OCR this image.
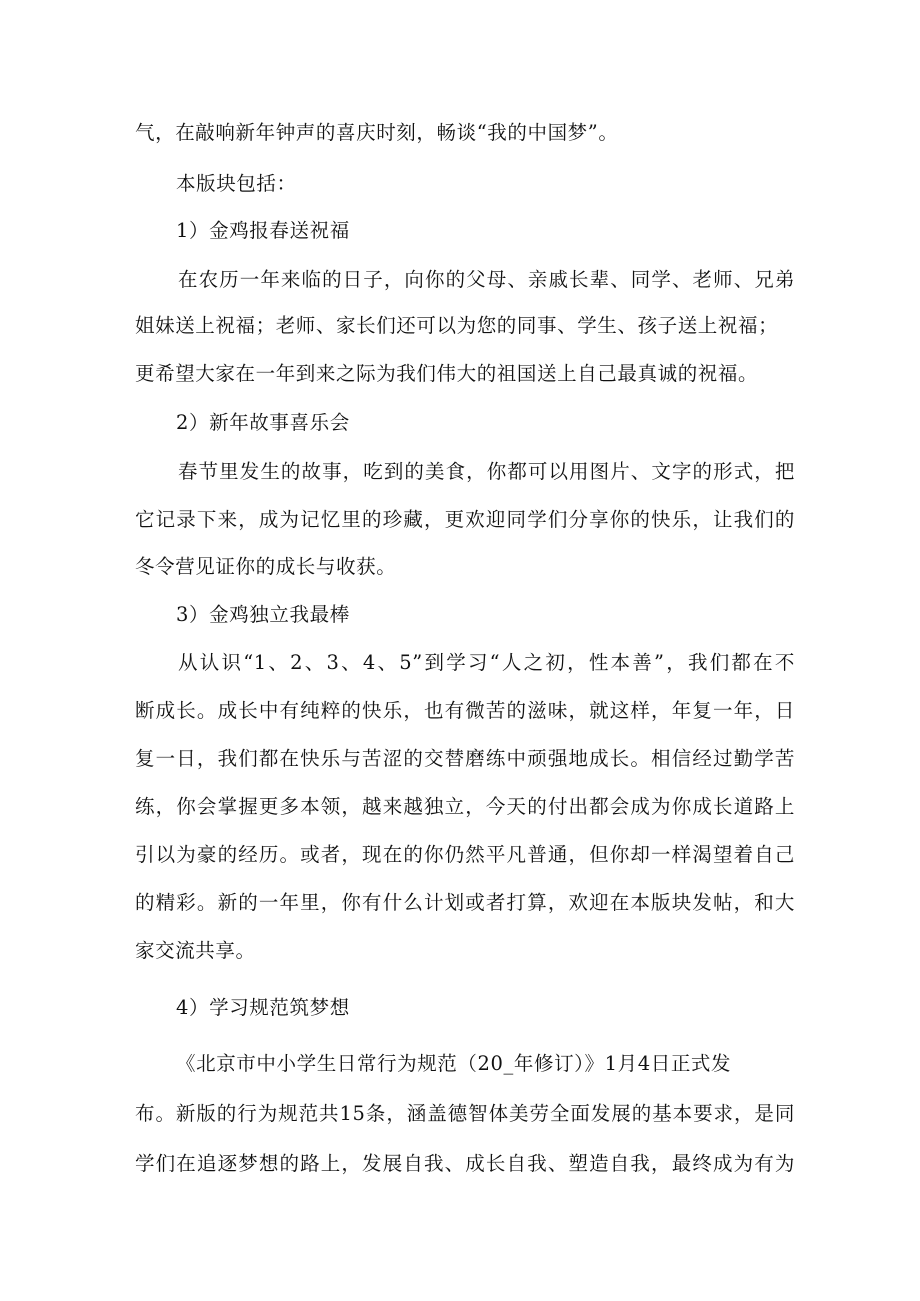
气，在敲响新年钟声的喜庆时刻，畅谈“我的中国梦”。
本版块包括：
1）金鸡报春送祝福
在农历一年来临的日子，向你的父母、亲戚长辈、同学、老师、兄弟
姐妹送上祝福；老师、家长们还可以为您的同事、学生、孩子送上祝福；
更希望大家在一年到来之际为我们伟大的祖国送上自己最真诚的祝福。
2）新年故事喜乐会
春节里发生的故事，吃到的美食，你都可以用图片、文字的形式，把
它记录下来，成为记忆里的珍藏，更欢迎同学们分享你的快乐，让我们的
冬令营见证你的成长与收获。
3）金鸡独立我最棒
从认识“1、2、3、4、5”到学习“人之初，性本善”，我们都在不
断成长。成长中有纯粹的快乐，也有微苦的滋味，就这样，年复一年，日
复一日，我们都在快乐与苦涩的交替磨练中顽强地成长。相信经过勤学苦
练，你会掌握更多本领，越来越独立，今天的付出都会成为你成长道路上
引以为豪的经历。或者，现在的你仍然平凡普通，但你却一样渴望着自己
的精彩。新的一年里，你有什么计划或者打算，欢迎在本版块发帖，和大
家交流共享。
4）学习规范筑梦想
《北京市中小学生日常行为规范（20_年修订）》1月4日正式发
布。新版的行为规范共15条，涵盖德智体美劳全面发展的基本要求，是同
学们在追逐梦想的路上，发展自我、成长自我、塑造自我，最终成为有为
